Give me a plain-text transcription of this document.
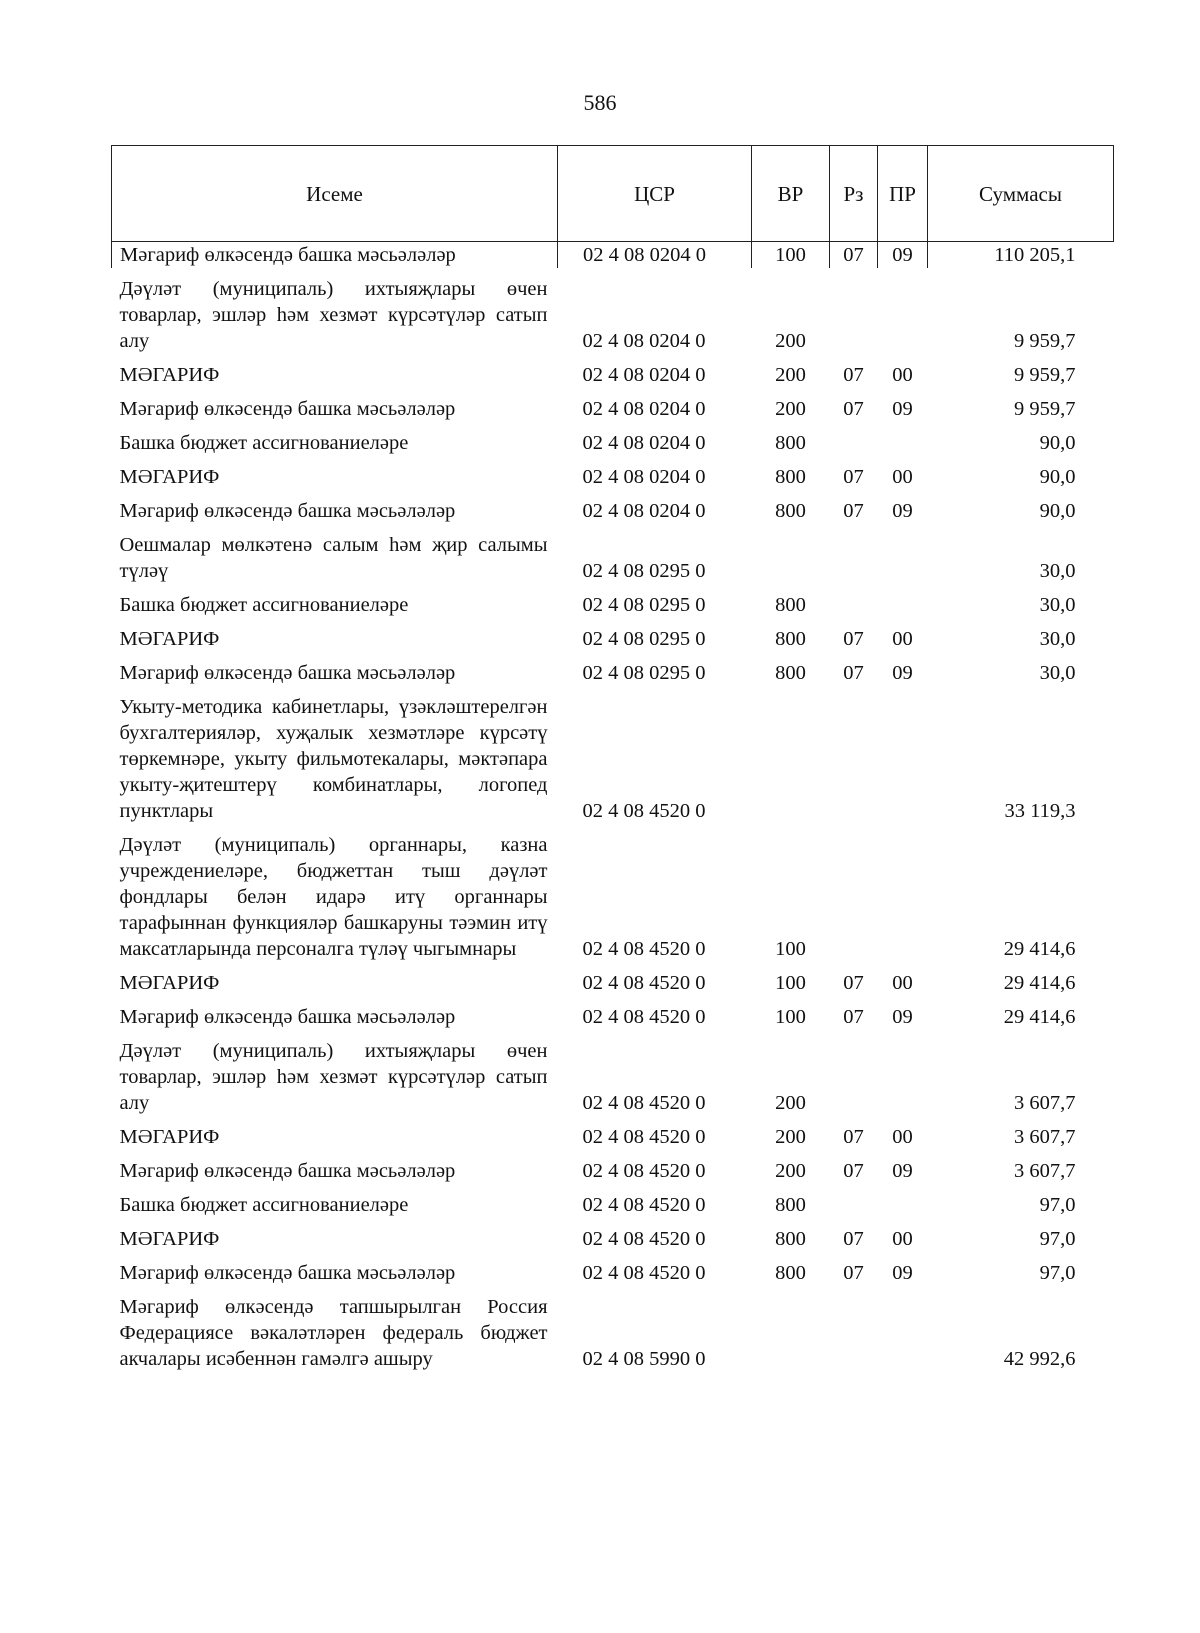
586
Исеме	ЦСР	ВР	Рз	ПР	Суммасы
Мәгариф өлкәсендә башка мәсьәләләр	02 4 08 0204 0	100	07	09	110 205,1
Дәүләт (муниципаль) ихтыяҗлары өчен товарлар, эшләр һәм хезмәт күрсәтүләр сатып алу	02 4 08 0204 0	200			9 959,7
МӘГАРИФ	02 4 08 0204 0	200	07	00	9 959,7
Мәгариф өлкәсендә башка мәсьәләләр	02 4 08 0204 0	200	07	09	9 959,7
Башка бюджет ассигнованиеләре	02 4 08 0204 0	800			90,0
МӘГАРИФ	02 4 08 0204 0	800	07	00	90,0
Мәгариф өлкәсендә башка мәсьәләләр	02 4 08 0204 0	800	07	09	90,0
Оешмалар мөлкәтенә салым һәм җир салымы түләү	02 4 08 0295 0				30,0
Башка бюджет ассигнованиеләре	02 4 08 0295 0	800			30,0
МӘГАРИФ	02 4 08 0295 0	800	07	00	30,0
Мәгариф өлкәсендә башка мәсьәләләр	02 4 08 0295 0	800	07	09	30,0
Укыту-методика кабинетлары, үзәкләштерелгән бухгалтерияләр, хуҗалык хезмәтләре күрсәтү төркемнәре, укыту фильмотекалары, мәктәпара укыту-җитештерү комбинатлары, логопед пунктлары	02 4 08 4520 0				33 119,3
Дәүләт (муниципаль) органнары, казна учреждениеләре, бюджеттан тыш дәүләт фондлары белән идарә итү органнары тарафыннан функцияләр башкаруны тәэмин итү максатларында персоналга түләү чыгымнары	02 4 08 4520 0	100			29 414,6
МӘГАРИФ	02 4 08 4520 0	100	07	00	29 414,6
Мәгариф өлкәсендә башка мәсьәләләр	02 4 08 4520 0	100	07	09	29 414,6
Дәүләт (муниципаль) ихтыяҗлары өчен товарлар, эшләр һәм хезмәт күрсәтүләр сатып алу	02 4 08 4520 0	200			3 607,7
МӘГАРИФ	02 4 08 4520 0	200	07	00	3 607,7
Мәгариф өлкәсендә башка мәсьәләләр	02 4 08 4520 0	200	07	09	3 607,7
Башка бюджет ассигнованиеләре	02 4 08 4520 0	800			97,0
МӘГАРИФ	02 4 08 4520 0	800	07	00	97,0
Мәгариф өлкәсендә башка мәсьәләләр	02 4 08 4520 0	800	07	09	97,0
Мәгариф өлкәсендә тапшырылган Россия Федерациясе вәкаләтләрен федераль бюджет акчалары исәбеннән гамәлгә ашыру	02 4 08 5990 0				42 992,6
